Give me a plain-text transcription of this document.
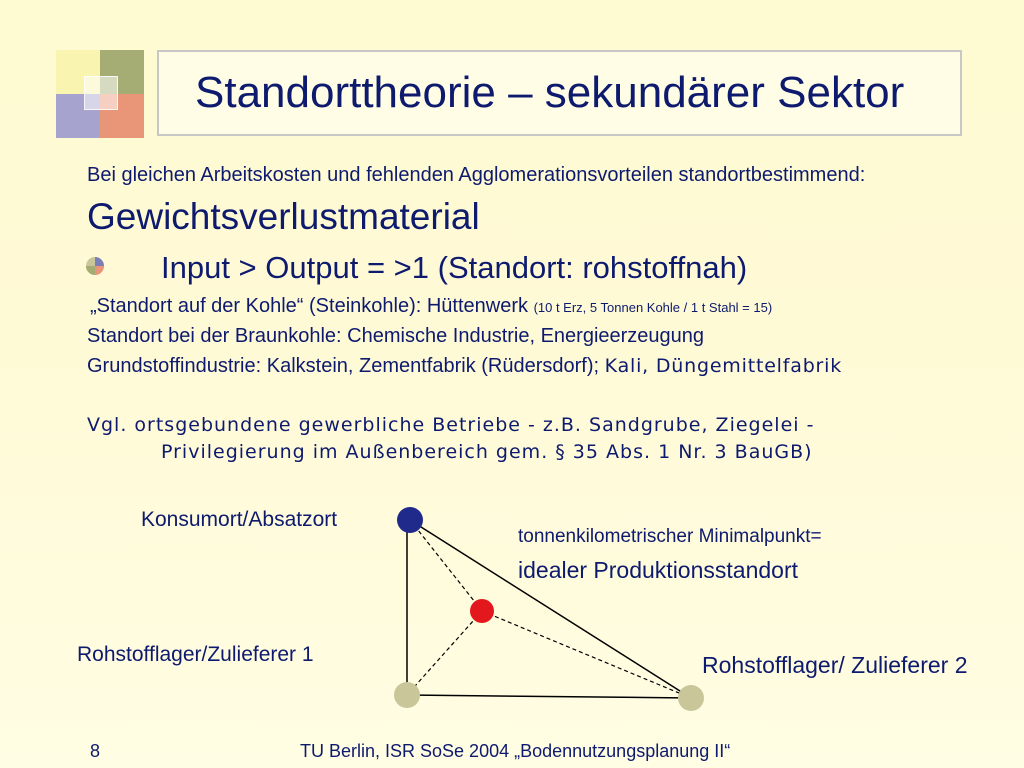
Standorttheorie – sekundärer Sektor
Bei gleichen Arbeitskosten und fehlenden Agglomerationsvorteilen standortbestimmend:
Gewichtsverlustmaterial
Input > Output = >1 (Standort: rohstoffnah)
„Standort auf der Kohle“ (Steinkohle): Hüttenwerk (10 t Erz, 5 Tonnen Kohle / 1 t Stahl = 15)
Standort bei der Braunkohle: Chemische Industrie, Energieerzeugung
Grundstoffindustrie: Kalkstein, Zementfabrik (Rüdersdorf); Kali, Düngemittelfabrik
Vgl. ortsgebundene gewerbliche Betriebe - z.B. Sandgrube, Ziegelei -
Privilegierung im Außenbereich gem. § 35 Abs. 1 Nr. 3 BauGB)
Konsumort/Absatzort
tonnenkilometrischer Minimalpunkt=
idealer Produktionsstandort
Rohstofflager/Zulieferer 1	Rohstofflager/ Zulieferer 2
8	TU Berlin, ISR SoSe 2004 „Bodennutzungsplanung II“
